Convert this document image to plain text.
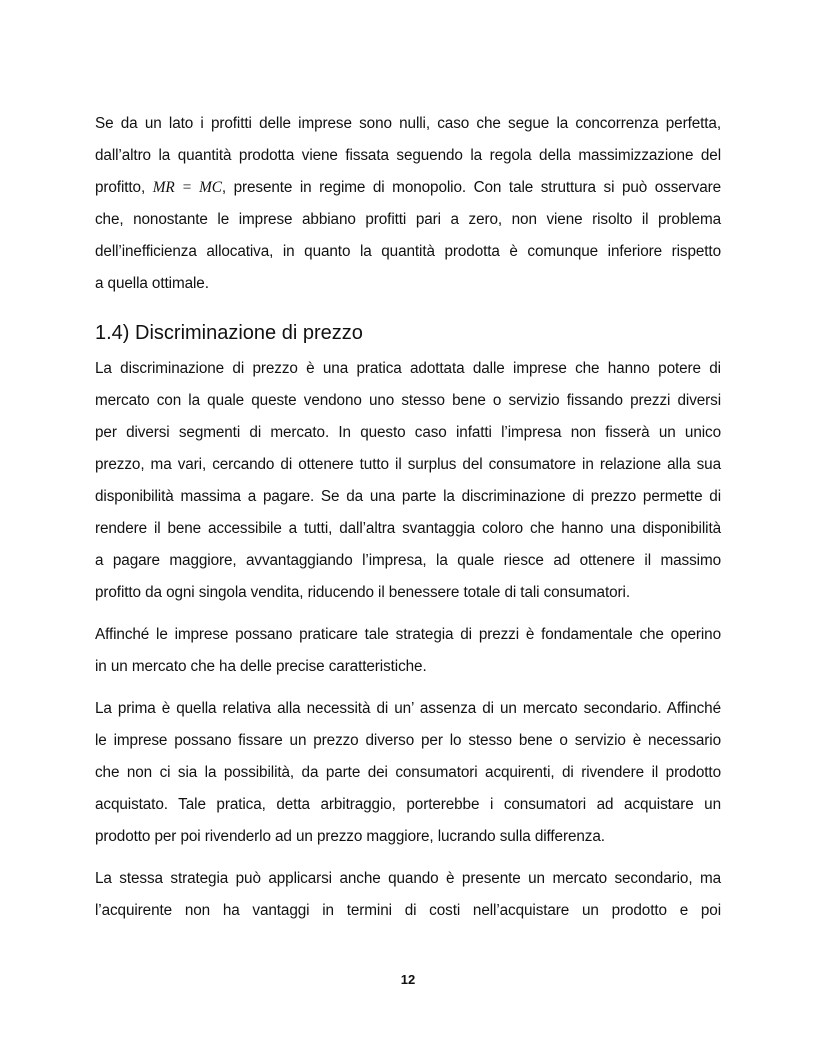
Se da un lato i profitti delle imprese sono nulli, caso che segue la concorrenza perfetta,
dall’altro la quantità prodotta viene fissata seguendo la regola della massimizzazione del
profitto, MR = MC, presente in regime di monopolio. Con tale struttura si può osservare
che, nonostante le imprese abbiano profitti pari a zero, non viene risolto il problema
dell’inefficienza allocativa, in quanto la quantità prodotta è comunque inferiore rispetto
a quella ottimale.

1.4) Discriminazione di prezzo

La discriminazione di prezzo è una pratica adottata dalle imprese che hanno potere di
mercato con la quale queste vendono uno stesso bene o servizio fissando prezzi diversi
per diversi segmenti di mercato. In questo caso infatti l’impresa non fisserà un unico
prezzo, ma vari, cercando di ottenere tutto il surplus del consumatore in relazione alla sua
disponibilità massima a pagare. Se da una parte la discriminazione di prezzo permette di
rendere il bene accessibile a tutti, dall’altra svantaggia coloro che hanno una disponibilità
a pagare maggiore, avvantaggiando l’impresa, la quale riesce ad ottenere il massimo
profitto da ogni singola vendita, riducendo il benessere totale di tali consumatori.

Affinché le imprese possano praticare tale strategia di prezzi è fondamentale che operino
in un mercato che ha delle precise caratteristiche.

La prima è quella relativa alla necessità di un’ assenza di un mercato secondario. Affinché
le imprese possano fissare un prezzo diverso per lo stesso bene o servizio è necessario
che non ci sia la possibilità, da parte dei consumatori acquirenti, di rivendere il prodotto
acquistato. Tale pratica, detta arbitraggio, porterebbe i consumatori ad acquistare un
prodotto per poi rivenderlo ad un prezzo maggiore, lucrando sulla differenza.

La stessa strategia può applicarsi anche quando è presente un mercato secondario, ma
l’acquirente non ha vantaggi in termini di costi nell’acquistare un prodotto e poi

12
